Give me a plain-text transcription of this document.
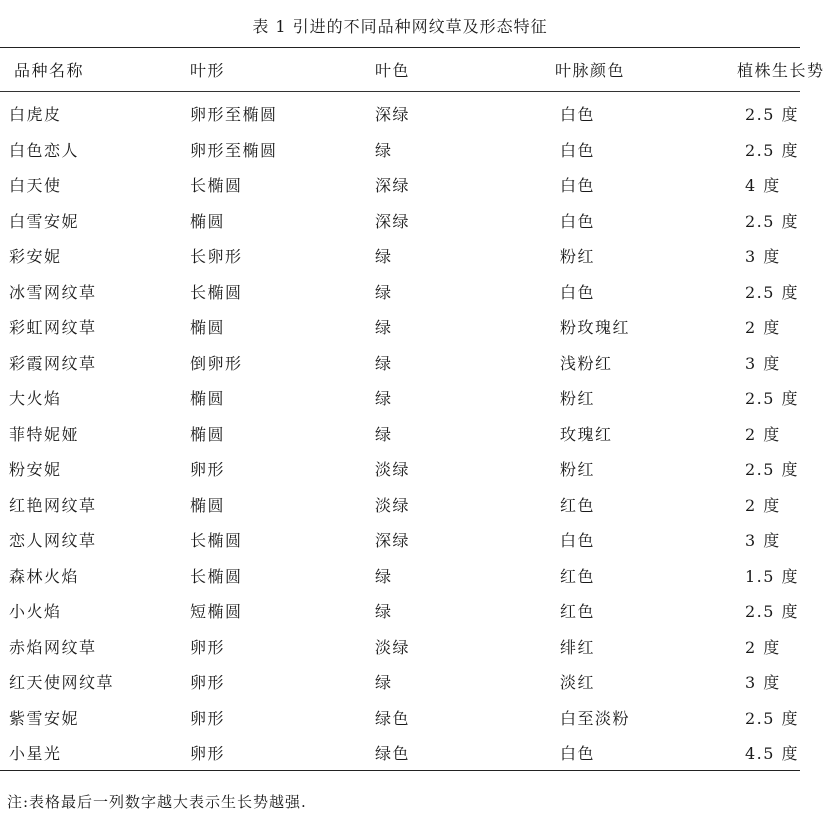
表 1 引进的不同品种网纹草及形态特征
品种名称	叶形	叶色	叶脉颜色	植株生长势
白虎皮	卵形至椭圆	深绿	白色	2.5 度
白色恋人	卵形至椭圆	绿	白色	2.5 度
白天使	长椭圆	深绿	白色	4 度
白雪安妮	椭圆	深绿	白色	2.5 度
彩安妮	长卵形	绿	粉红	3 度
冰雪网纹草	长椭圆	绿	白色	2.5 度
彩虹网纹草	椭圆	绿	粉玫瑰红	2 度
彩霞网纹草	倒卵形	绿	浅粉红	3 度
大火焰	椭圆	绿	粉红	2.5 度
菲特妮娅	椭圆	绿	玫瑰红	2 度
粉安妮	卵形	淡绿	粉红	2.5 度
红艳网纹草	椭圆	淡绿	红色	2 度
恋人网纹草	长椭圆	深绿	白色	3 度
森林火焰	长椭圆	绿	红色	1.5 度
小火焰	短椭圆	绿	红色	2.5 度
赤焰网纹草	卵形	淡绿	绯红	2 度
红天使网纹草	卵形	绿	淡红	3 度
紫雪安妮	卵形	绿色	白至淡粉	2.5 度
小星光	卵形	绿色	白色	4.5 度
注:表格最后一列数字越大表示生长势越强.
